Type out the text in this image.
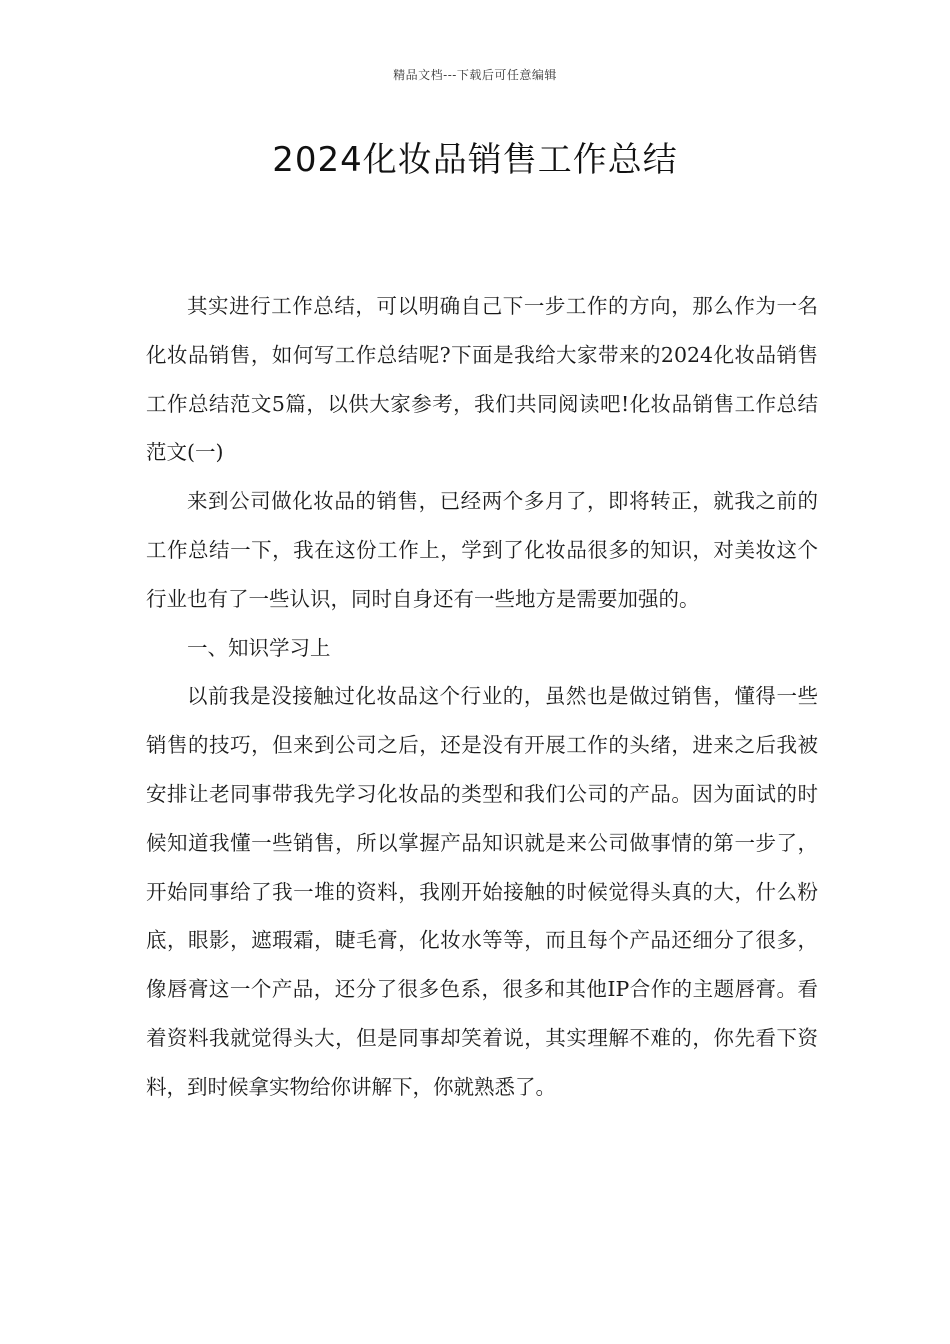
精品文档---下载后可任意编辑
2024化妆品销售工作总结

其实进行工作总结，可以明确自己下一步工作的方向，那么作为一名化妆品销售，如何写工作总结呢?下面是我给大家带来的2024化妆品销售工作总结范文5篇，以供大家参考，我们共同阅读吧!化妆品销售工作总结范文(一)

来到公司做化妆品的销售，已经两个多月了，即将转正，就我之前的工作总结一下，我在这份工作上，学到了化妆品很多的知识，对美妆这个行业也有了一些认识，同时自身还有一些地方是需要加强的。

一、知识学习上

以前我是没接触过化妆品这个行业的，虽然也是做过销售，懂得一些销售的技巧，但来到公司之后，还是没有开展工作的头绪，进来之后我被安排让老同事带我先学习化妆品的类型和我们公司的产品。因为面试的时候知道我懂一些销售，所以掌握产品知识就是来公司做事情的第一步了，开始同事给了我一堆的资料，我刚开始接触的时候觉得头真的大，什么粉底，眼影，遮瑕霜，睫毛膏，化妆水等等，而且每个产品还细分了很多，像唇膏这一个产品，还分了很多色系，很多和其他IP合作的主题唇膏。看着资料我就觉得头大，但是同事却笑着说，其实理解不难的，你先看下资料，到时候拿实物给你讲解下，你就熟悉了。
